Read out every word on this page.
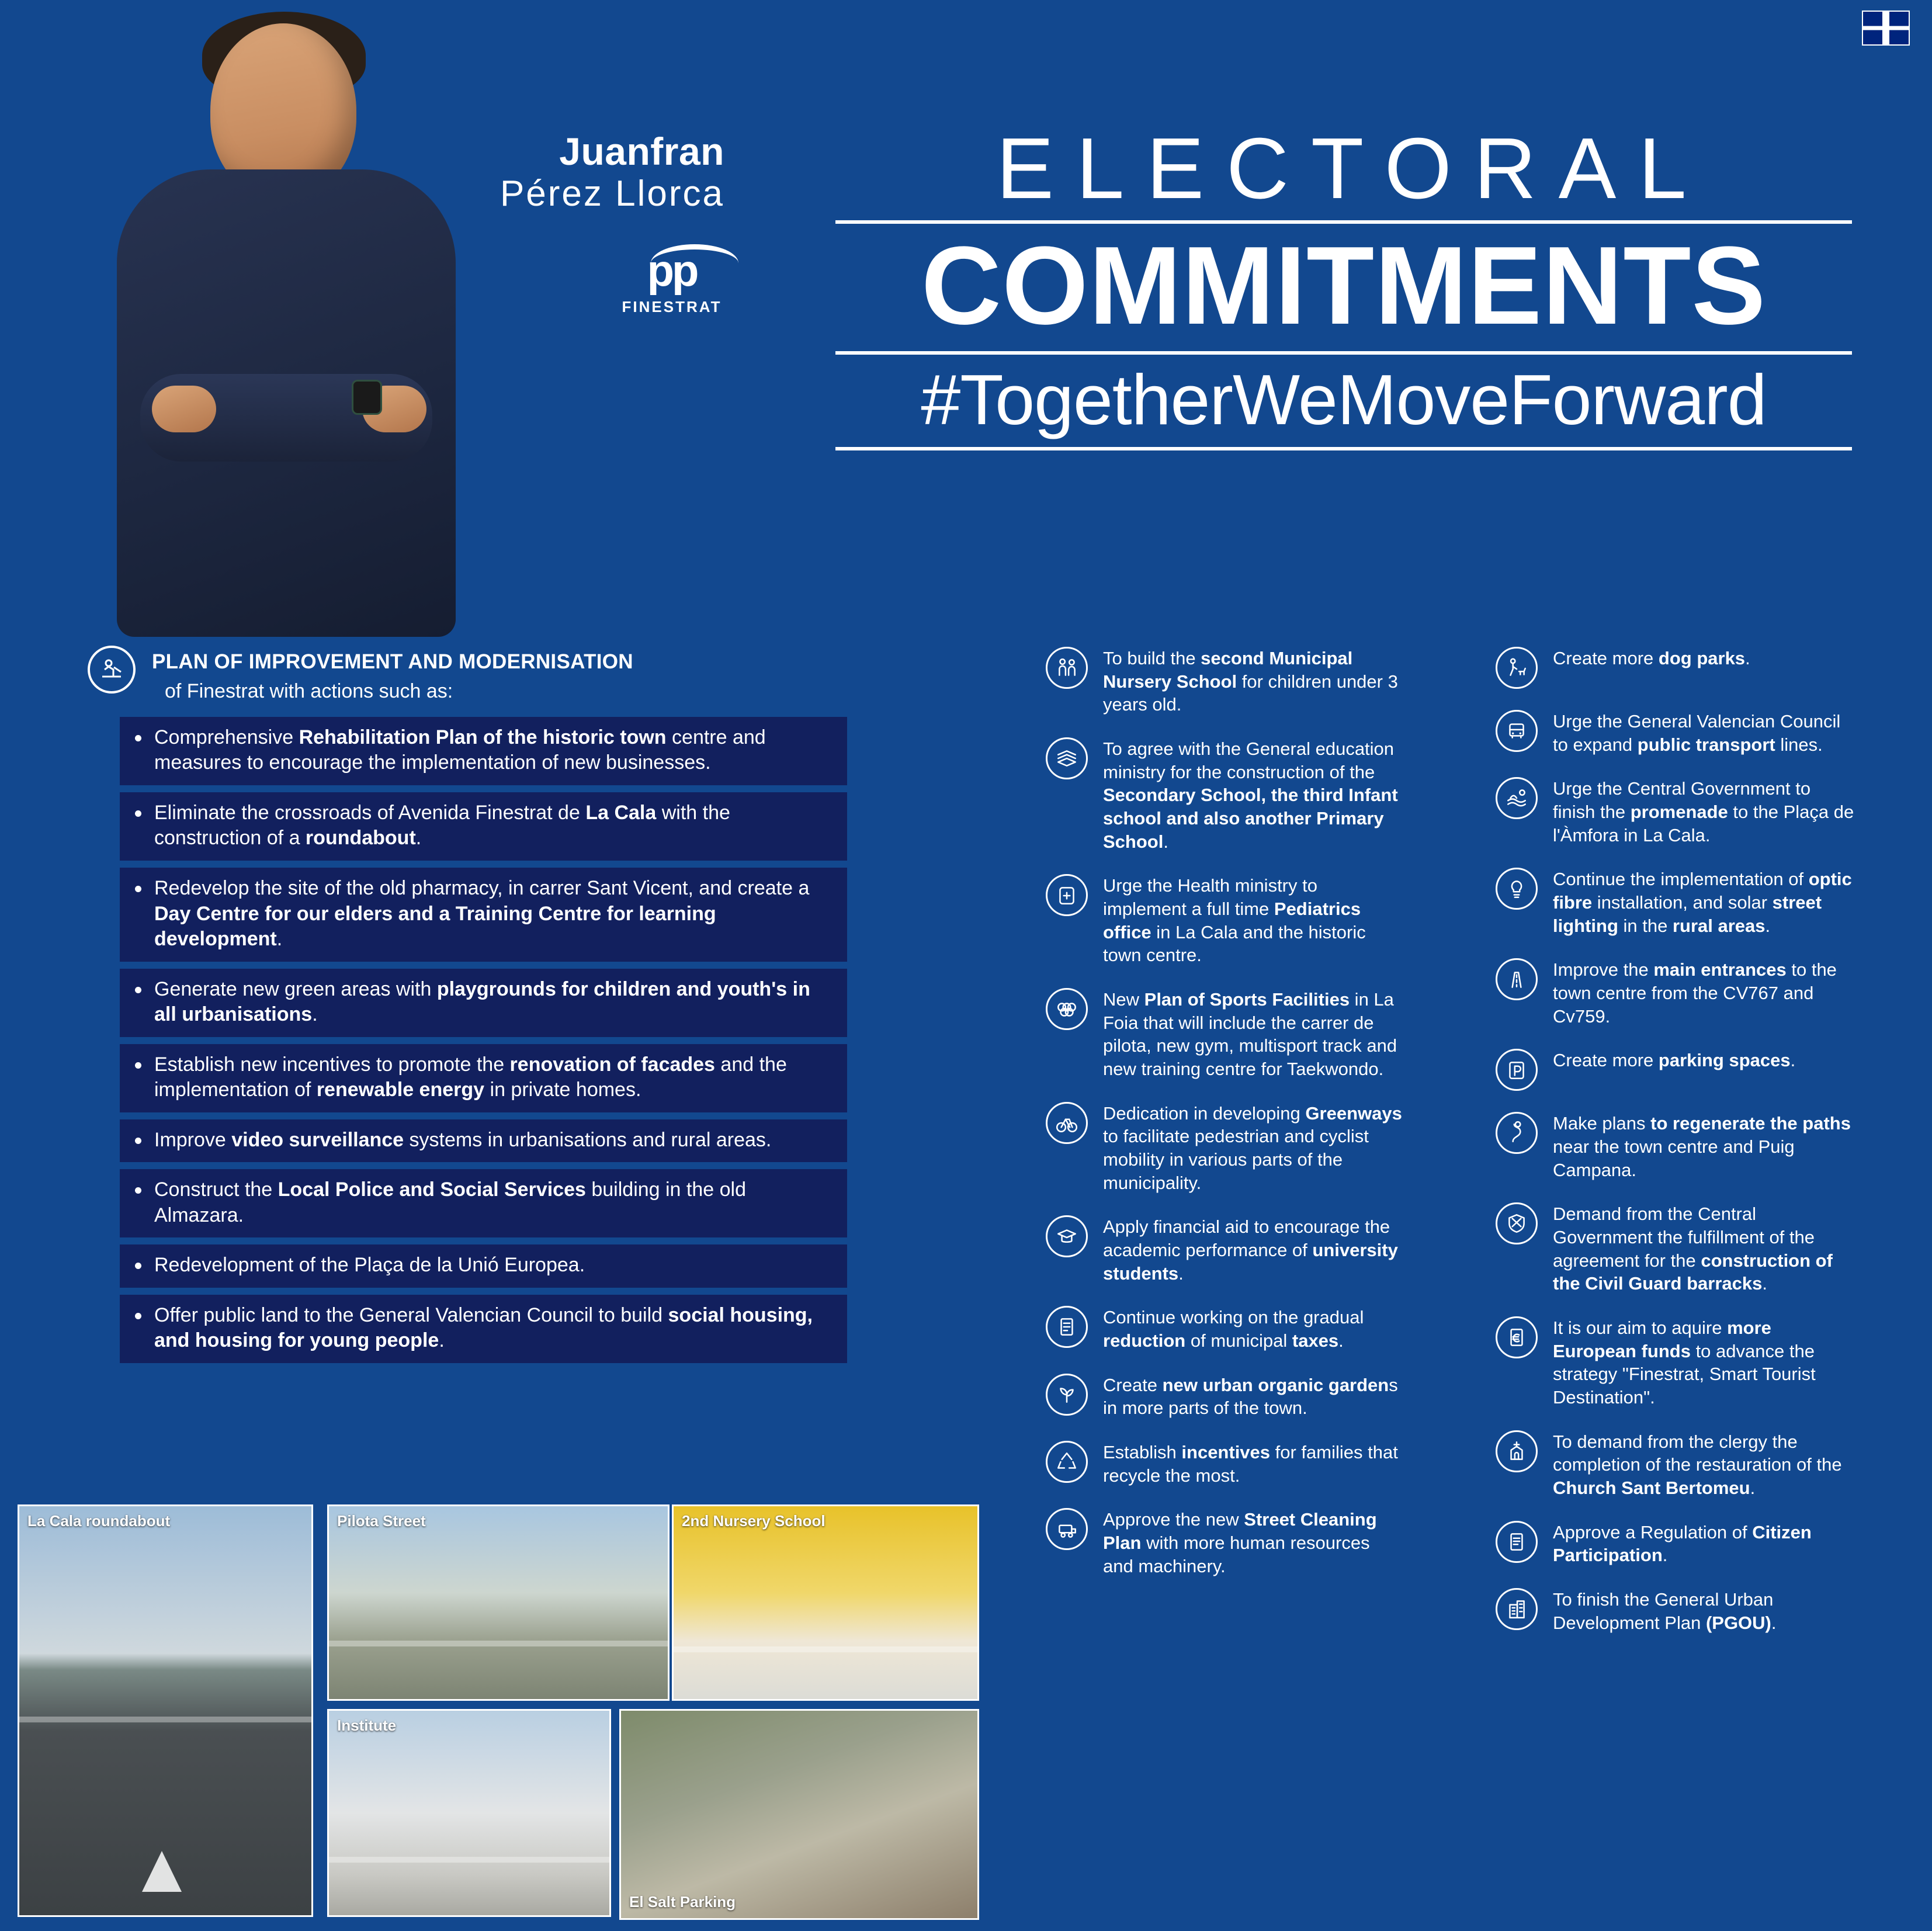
Juanfran
Pérez Llorca
pp
FINESTRAT
ELECTORAL
COMMITMENTS
#TogetherWeMoveForward
PLAN OF IMPROVEMENT AND MODERNISATION
of Finestrat with actions such as:
Comprehensive Rehabilitation Plan of the historic town centre and measures to encourage the implementation of new businesses.
Eliminate the crossroads of Avenida Finestrat de La Cala with the construction of a roundabout.
Redevelop the site of the old pharmacy, in carrer Sant Vicent, and create a Day Centre for our elders and a Training Centre for learning development.
Generate new green areas with playgrounds for children and youth's in all urbanisations.
Establish new incentives to promote the renovation of facades and the implementation of renewable energy in private homes.
Improve video surveillance systems in urbanisations and rural areas.
Construct the Local Police and Social Services building in the old Almazara.
Redevelopment of the Plaça de la Unió Europea.
Offer public land to the General Valencian Council to build social housing, and housing for young people.
La Cala roundabout	Pilota Street	2nd Nursery School
Institute
El Salt Parking
To build the second Municipal Nursery School for children under 3 years old.
To agree with the General education ministry for the construction of the Secondary School, the third Infant school and also another Primary School.
Urge the Health ministry to implement a full time Pediatrics office in La Cala and the historic town centre.
New Plan of Sports Facilities in La Foia that will include the carrer de pilota, new gym, multisport track and new training centre for Taekwondo.
Dedication in developing Greenways to facilitate pedestrian and cyclist mobility in various parts of the municipality.
Apply financial aid to encourage the academic performance of university students.
Continue working on the gradual reduction of municipal taxes.
Create new urban organic gardens in more parts of the town.
Establish incentives for families that recycle the most.
Approve the new Street Cleaning Plan with more human resources and machinery.
Create more dog parks.
Urge the General Valencian Council to expand public transport lines.
Urge the Central Government to finish the promenade to the Plaça de l'Àmfora in La Cala.
Continue the implementation of optic fibre installation, and solar street lighting in the rural areas.
Improve the main entrances to the town centre from the CV767 and Cv759.
Create more parking spaces.
Make plans to regenerate the paths near the town centre and Puig Campana.
Demand from the Central Government the fulfillment of the agreement for the construction of the Civil Guard barracks.
It is our aim to aquire more European funds to advance the strategy "Finestrat, Smart Tourist Destination".
To demand from the clergy the completion of the restauration of the Church Sant Bertomeu.
Approve a Regulation of Citizen Participation.
To finish the General Urban Development Plan (PGOU).
